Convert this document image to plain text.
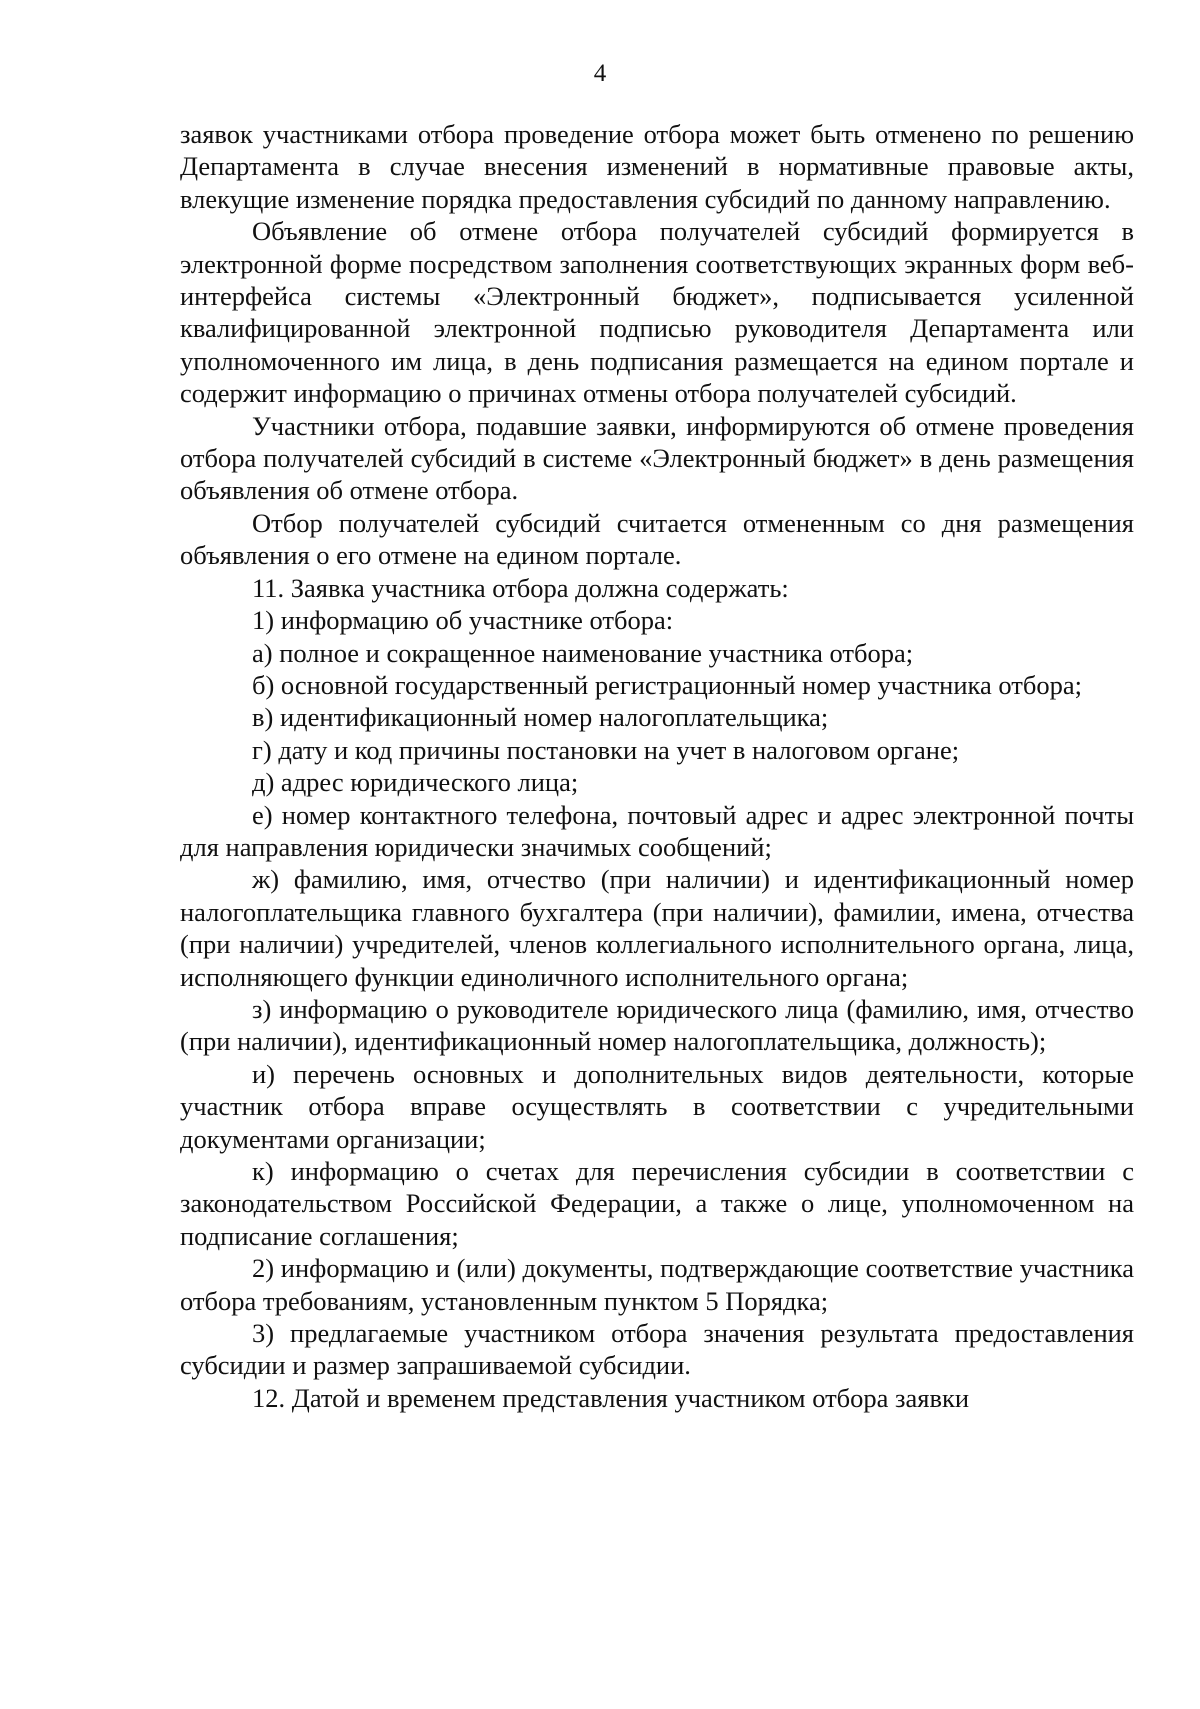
4

заявок участниками отбора проведение отбора может быть отменено по решению Департамента в случае внесения изменений в нормативные правовые акты, влекущие изменение порядка предоставления субсидий по данному направлению.

Объявление об отмене отбора получателей субсидий формируется в электронной форме посредством заполнения соответствующих экранных форм веб-интерфейса системы «Электронный бюджет», подписывается усиленной квалифицированной электронной подписью руководителя Департамента или уполномоченного им лица, в день подписания размещается на едином портале и содержит информацию о причинах отмены отбора получателей субсидий.

Участники отбора, подавшие заявки, информируются об отмене проведения отбора получателей субсидий в системе «Электронный бюджет» в день размещения объявления об отмене отбора.

Отбор получателей субсидий считается отмененным со дня размещения объявления о его отмене на едином портале.

11. Заявка участника отбора должна содержать:

1) информацию об участнике отбора:

а) полное и сокращенное наименование участника отбора;

б) основной государственный регистрационный номер участника отбора;

в) идентификационный номер налогоплательщика;

г) дату и код причины постановки на учет в налоговом органе;

д) адрес юридического лица;

е) номер контактного телефона, почтовый адрес и адрес электронной почты для направления юридически значимых сообщений;

ж) фамилию, имя, отчество (при наличии) и идентификационный номер налогоплательщика главного бухгалтера (при наличии), фамилии, имена, отчества (при наличии) учредителей, членов коллегиального исполнительного органа, лица, исполняющего функции единоличного исполнительного органа;

з) информацию о руководителе юридического лица (фамилию, имя, отчество (при наличии), идентификационный номер налогоплательщика, должность);

и) перечень основных и дополнительных видов деятельности, которые участник отбора вправе осуществлять в соответствии с учредительными документами организации;

к) информацию о счетах для перечисления субсидии в соответствии с законодательством Российской Федерации, а также о лице, уполномоченном на подписание соглашения;

2) информацию и (или) документы, подтверждающие соответствие участника отбора требованиям, установленным пунктом 5 Порядка;

3) предлагаемые участником отбора значения результата предоставления субсидии и размер запрашиваемой субсидии.

12. Датой и временем представления участником отбора заявки
